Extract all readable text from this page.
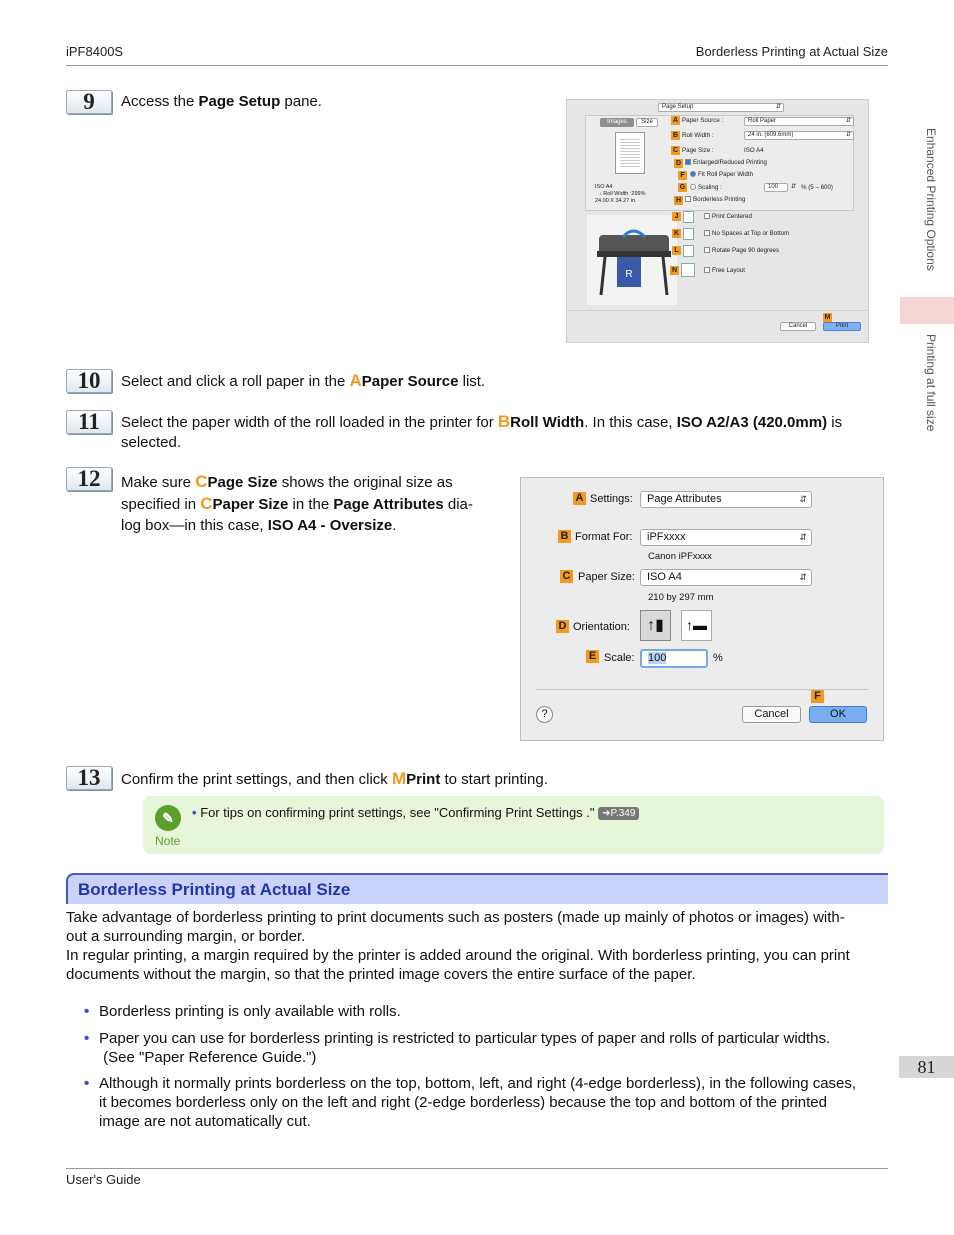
iPF8400S	Borderless Printing at Actual Size
User's Guide
Enhanced Printing Options
Printing at full size
81
9	Access the Page Setup pane.	Page Setup	⇵
Images	Size
ISO A4
↓ Roll Width :299%
24.00 X 34.27 in.
R
A Paper Source :	Roll Paper	⇵
B Roll Width :	24 in. (609.6mm)	⇵
C Page Size :	ISO A4
D	Enlarged/Reduced Printing
F	Fit Roll Paper Width
G	Scaling :	100	⇵ % (5 – 600)
H	Borderless Printing
J	Print Centered
K	No Spaces at Top or Bottom
L	Rotate Page 90 degrees
N	Free Layout
M
Cancel	Print
10	Select and click a roll paper in the APaper Source list.
11	Select the paper width of the roll loaded in the printer for BRoll Width. In this case, ISO A2/A3 (420.0mm) is
selected.
12	Make sure CPage Size shows the original size as
specified in CPaper Size in the Page Attributes dia-
log box—in this case, ISO A4 - Oversize.
A Settings:	Page Attributes	⇵
B Format For:	iPFxxxx	⇵
Canon iPFxxxx
C Paper Size:	ISO A4	⇵
210 by 297 mm
D Orientation:	↑▮	↑▬
E Scale:	100	%
?	Cancel
F
OK
13	Confirm the print settings, and then click MPrint to start printing.
✎
Note
• For tips on confirming print settings, see "Confirming Print Settings ." ➔P.349
Borderless Printing at Actual Size
Take advantage of borderless printing to print documents such as posters (made up mainly of photos or images) with-
out a surrounding margin, or border.
In regular printing, a margin required by the printer is added around the original. With borderless printing, you can print
documents without the margin, so that the printed image covers the entire surface of the paper.
• Borderless printing is only available with rolls.
• Paper you can use for borderless printing is restricted to particular types of paper and rolls of particular widths.
(See "Paper Reference Guide.")
• Although it normally prints borderless on the top, bottom, left, and right (4-edge borderless), in the following cases,
it becomes borderless only on the left and right (2-edge borderless) because the top and bottom of the printed
image are not automatically cut.
